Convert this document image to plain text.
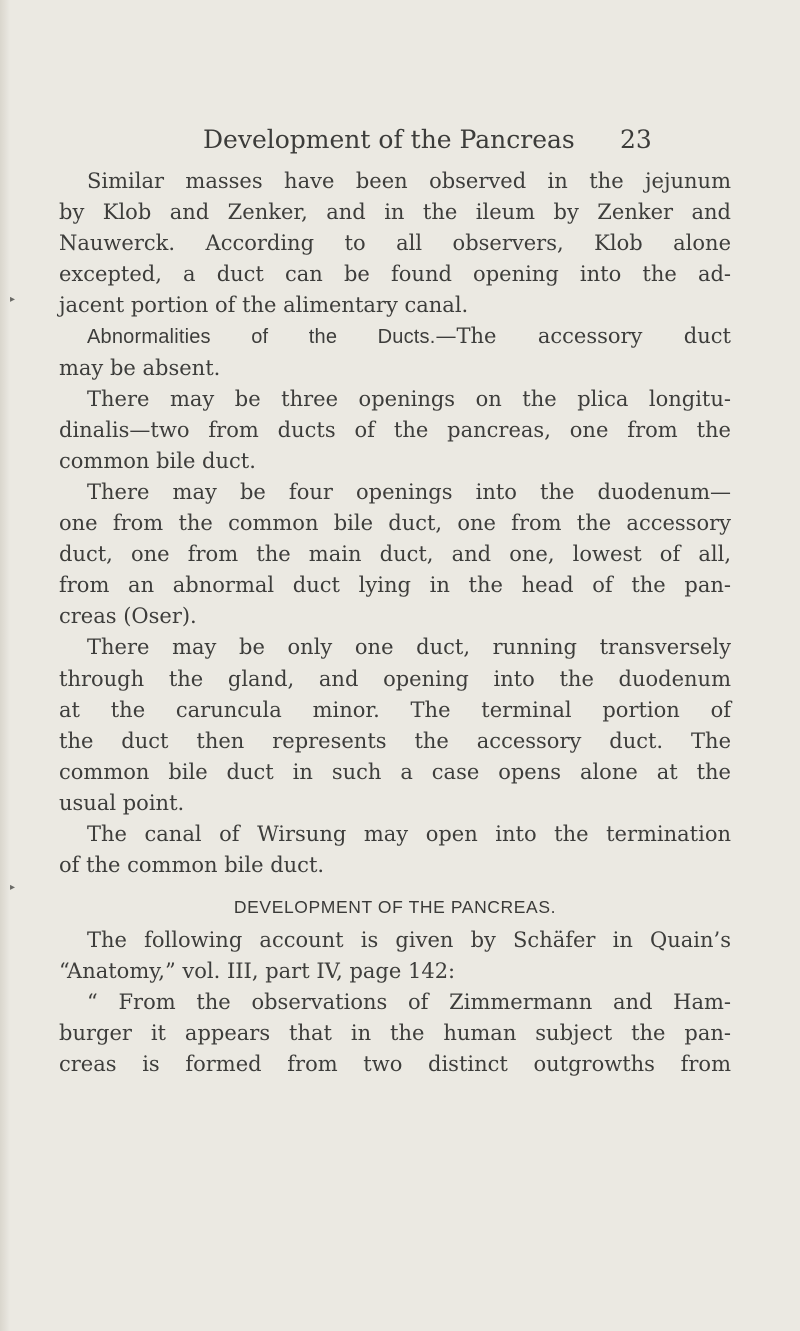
Development of the Pancreas 23
Similar masses have been observed in the jejunum
by Klob and Zenker, and in the ileum by Zenker and
Nauwerck. According to all observers, Klob alone
excepted, a duct can be found opening into the ad-
jacent portion of the alimentary canal.
Abnormalities of the Ducts.—The accessory duct
may be absent.
There may be three openings on the plica longitu-
dinalis—two from ducts of the pancreas, one from the
common bile duct.
There may be four openings into the duodenum—
one from the common bile duct, one from the accessory
duct, one from the main duct, and one, lowest of all,
from an abnormal duct lying in the head of the pan-
creas (Oser).
There may be only one duct, running transversely
through the gland, and opening into the duodenum
at the caruncula minor. The terminal portion of
the duct then represents the accessory duct. The
common bile duct in such a case opens alone at the
usual point.
The canal of Wirsung may open into the termination
of the common bile duct.
DEVELOPMENT OF THE PANCREAS.
The following account is given by Schäfer in Quain’s
“Anatomy,” vol. III, part IV, page 142:
“ From the observations of Zimmermann and Ham-
burger it appears that in the human subject the pan-
creas is formed from two distinct outgrowths from
▸
▸
